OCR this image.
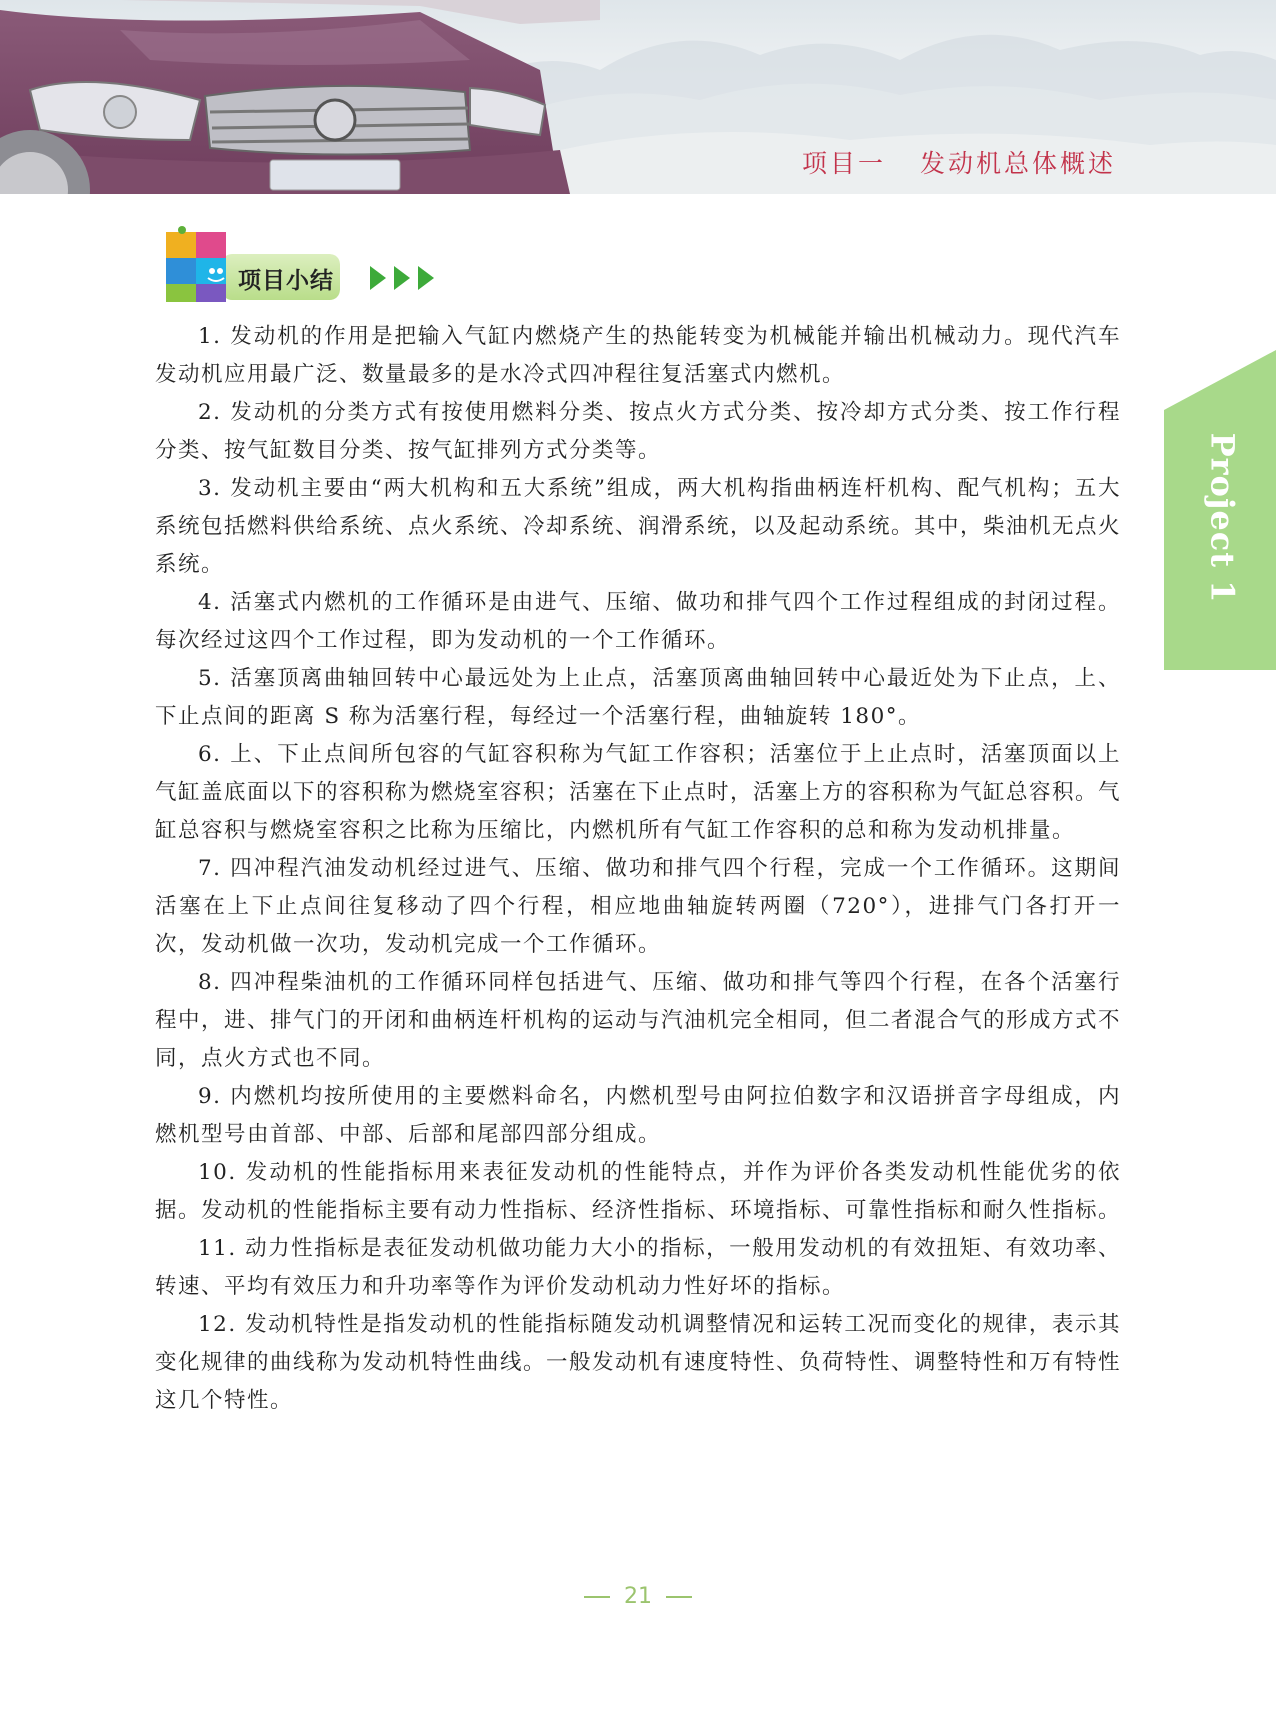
项目一 发动机总体概述
Project 1
项目小结

1. 发动机的作用是把输入气缸内燃烧产生的热能转变为机械能并输出机械动力。现代汽车发动机应用最广泛、数量最多的是水冷式四冲程往复活塞式内燃机。

2. 发动机的分类方式有按使用燃料分类、按点火方式分类、按冷却方式分类、按工作行程分类、按气缸数目分类、按气缸排列方式分类等。

3. 发动机主要由“两大机构和五大系统”组成，两大机构指曲柄连杆机构、配气机构；五大系统包括燃料供给系统、点火系统、冷却系统、润滑系统，以及起动系统。其中，柴油机无点火系统。

4. 活塞式内燃机的工作循环是由进气、压缩、做功和排气四个工作过程组成的封闭过程。每次经过这四个工作过程，即为发动机的一个工作循环。

5. 活塞顶离曲轴回转中心最远处为上止点，活塞顶离曲轴回转中心最近处为下止点，上、下止点间的距离 S 称为活塞行程，每经过一个活塞行程，曲轴旋转 180°。

6. 上、下止点间所包容的气缸容积称为气缸工作容积；活塞位于上止点时，活塞顶面以上气缸盖底面以下的容积称为燃烧室容积；活塞在下止点时，活塞上方的容积称为气缸总容积。气缸总容积与燃烧室容积之比称为压缩比，内燃机所有气缸工作容积的总和称为发动机排量。

7. 四冲程汽油发动机经过进气、压缩、做功和排气四个行程，完成一个工作循环。这期间活塞在上下止点间往复移动了四个行程，相应地曲轴旋转两圈（720°），进排气门各打开一次，发动机做一次功，发动机完成一个工作循环。

8. 四冲程柴油机的工作循环同样包括进气、压缩、做功和排气等四个行程，在各个活塞行程中，进、排气门的开闭和曲柄连杆机构的运动与汽油机完全相同，但二者混合气的形成方式不同，点火方式也不同。

9. 内燃机均按所使用的主要燃料命名，内燃机型号由阿拉伯数字和汉语拼音字母组成，内燃机型号由首部、中部、后部和尾部四部分组成。

10. 发动机的性能指标用来表征发动机的性能特点，并作为评价各类发动机性能优劣的依据。发动机的性能指标主要有动力性指标、经济性指标、环境指标、可靠性指标和耐久性指标。

11. 动力性指标是表征发动机做功能力大小的指标，一般用发动机的有效扭矩、有效功率、转速、平均有效压力和升功率等作为评价发动机动力性好坏的指标。

12. 发动机特性是指发动机的性能指标随发动机调整情况和运转工况而变化的规律，表示其变化规律的曲线称为发动机特性曲线。一般发动机有速度特性、负荷特性、调整特性和万有特性这几个特性。

21
